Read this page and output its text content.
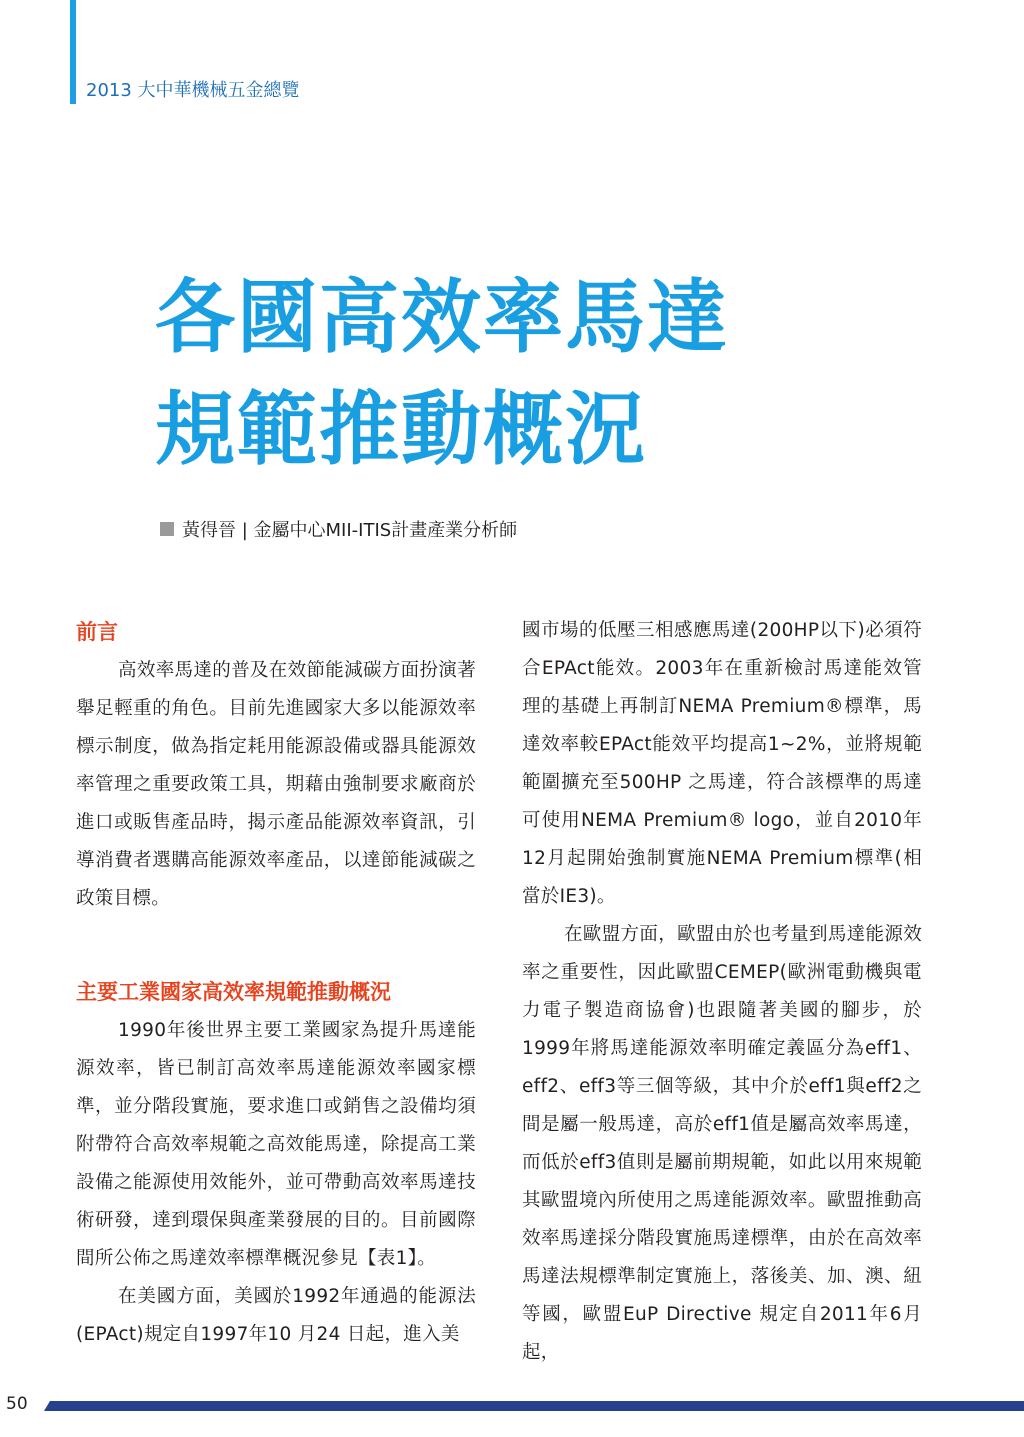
2013 大中華機械五金總覽
各國高效率馬達
規範推動概況
黃得晉 | 金屬中心MII-ITIS計畫產業分析師
前言

高效率馬達的普及在效節能減碳方面扮演著舉足輕重的角色。目前先進國家大多以能源效率標示制度，做為指定耗用能源設備或器具能源效率管理之重要政策工具，期藉由強制要求廠商於進口或販售產品時，揭示產品能源效率資訊，引導消費者選購高能源效率產品，以達節能減碳之政策目標。

主要工業國家高效率規範推動概況

1990年後世界主要工業國家為提升馬達能源效率，皆已制訂高效率馬達能源效率國家標準，並分階段實施，要求進口或銷售之設備均須附帶符合高效率規範之高效能馬達，除提高工業設備之能源使用效能外，並可帶動高效率馬達技術研發，達到環保與產業發展的目的。目前國際間所公佈之馬達效率標準概況參見【表1】。

在美國方面，美國於1992年通過的能源法(EPAct)規定自1997年10 月24 日起，進入美

國市場的低壓三相感應馬達(200HP以下)必須符合EPAct能效。2003年在重新檢討馬達能效管理的基礎上再制訂NEMA Premium®標準，馬達效率較EPAct能效平均提高1~2%，並將規範範圍擴充至500HP 之馬達，符合該標準的馬達可使用NEMA Premium® logo，並自2010年12月起開始強制實施NEMA Premium標準(相當於IE3)。

在歐盟方面，歐盟由於也考量到馬達能源效率之重要性，因此歐盟CEMEP(歐洲電動機與電力電子製造商協會)也跟隨著美國的腳步，於1999年將馬達能源效率明確定義區分為eff1、eff2、eff3等三個等級，其中介於eff1與eff2之間是屬一般馬達，高於eff1值是屬高效率馬達，而低於eff3值則是屬前期規範，如此以用來規範其歐盟境內所使用之馬達能源效率。歐盟推動高效率馬達採分階段實施馬達標準，由於在高效率馬達法規標準制定實施上，落後美、加、澳、紐等國，歐盟EuP Directive 規定自2011年6月起，

50
